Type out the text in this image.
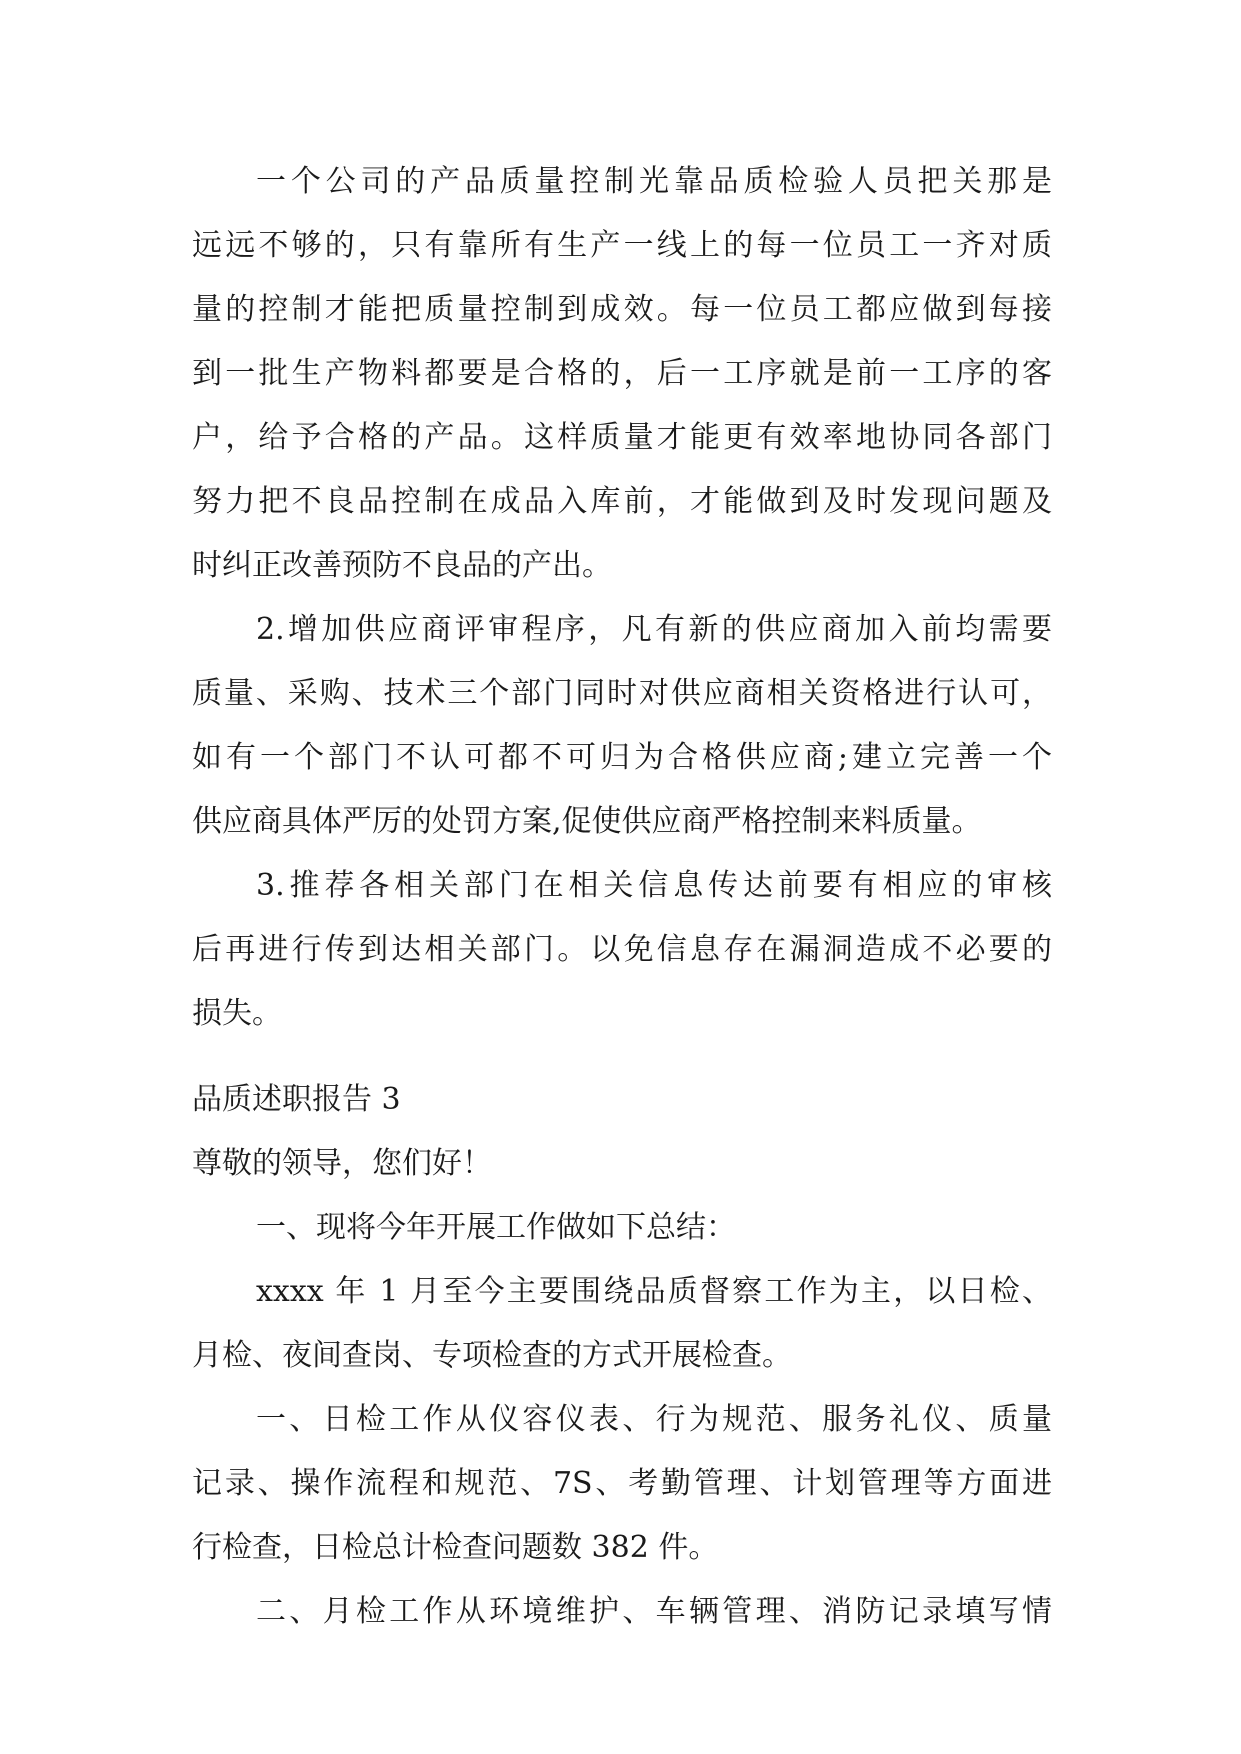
一个公司的产品质量控制光靠品质检验人员把关那是
远远不够的，只有靠所有生产一线上的每一位员工一齐对质
量的控制才能把质量控制到成效。每一位员工都应做到每接
到一批生产物料都要是合格的，后一工序就是前一工序的客
户，给予合格的产品。这样质量才能更有效率地协同各部门
努力把不良品控制在成品入库前，才能做到及时发现问题及
时纠正改善预防不良品的产出。
2.增加供应商评审程序，凡有新的供应商加入前均需要
质量、采购、技术三个部门同时对供应商相关资格进行认可，
如有一个部门不认可都不可归为合格供应商;建立完善一个
供应商具体严厉的处罚方案,促使供应商严格控制来料质量。
3.推荐各相关部门在相关信息传达前要有相应的审核
后再进行传到达相关部门。以免信息存在漏洞造成不必要的
损失。
品质述职报告 3
尊敬的领导，您们好！
一、现将今年开展工作做如下总结：
xxxx 年 1 月至今主要围绕品质督察工作为主，以日检、
月检、夜间查岗、专项检查的方式开展检查。
一、日检工作从仪容仪表、行为规范、服务礼仪、质量
记录、操作流程和规范、7S、考勤管理、计划管理等方面进
行检查，日检总计检查问题数 382 件。
二、月检工作从环境维护、车辆管理、消防记录填写情
